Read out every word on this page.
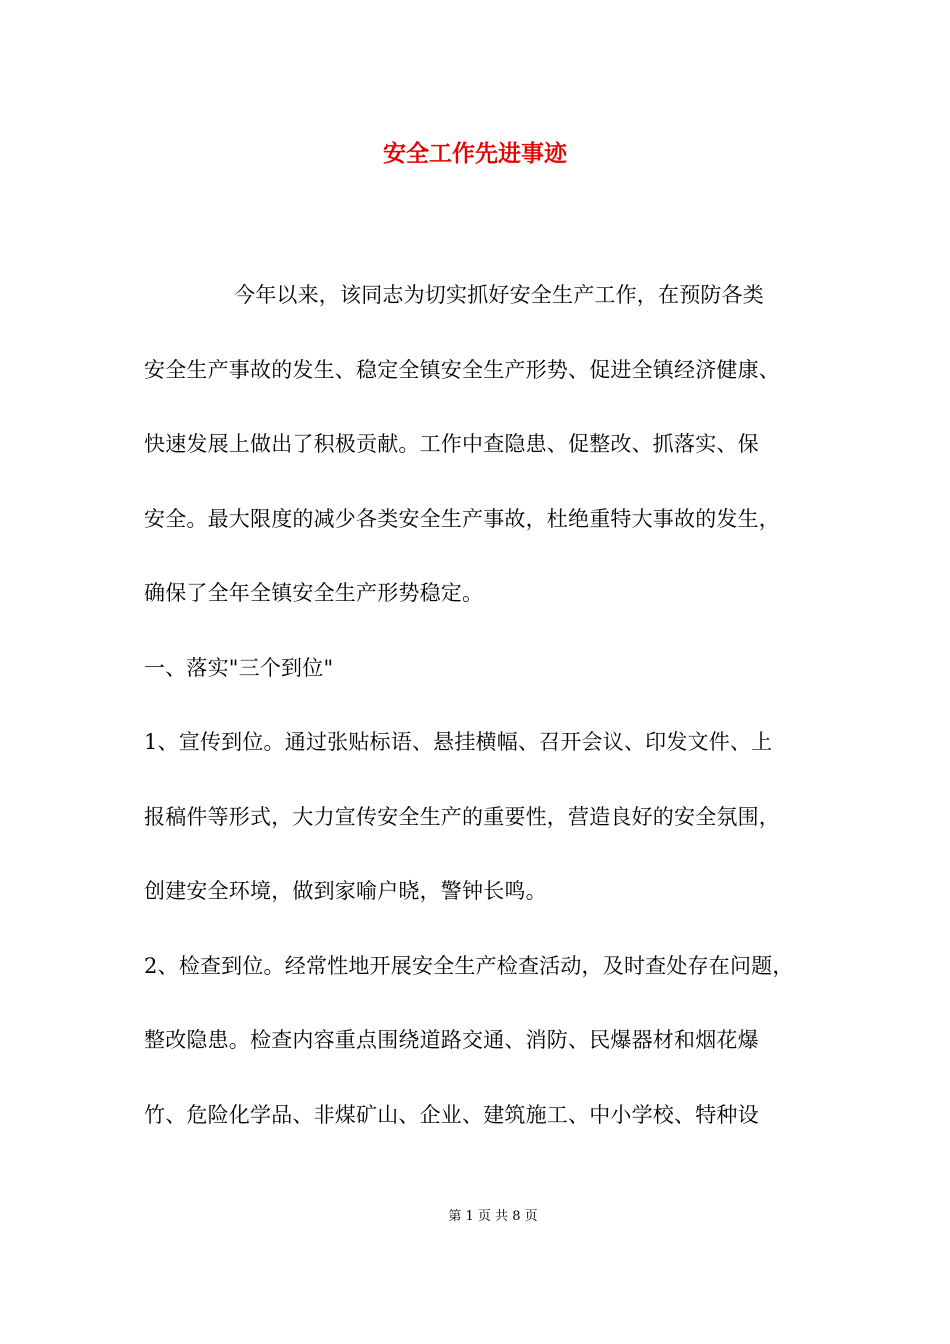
安全工作先进事迹
今年以来，该同志为切实抓好安全生产工作，在预防各类
安全生产事故的发生、稳定全镇安全生产形势、促进全镇经济健康、
快速发展上做出了积极贡献。工作中查隐患、促整改、抓落实、保
安全。最大限度的减少各类安全生产事故，杜绝重特大事故的发生，
确保了全年全镇安全生产形势稳定。
一、落实"三个到位"
1、宣传到位。通过张贴标语、悬挂横幅、召开会议、印发文件、上
报稿件等形式，大力宣传安全生产的重要性，营造良好的安全氛围，
创建安全环境，做到家喻户晓，警钟长鸣。
2、检查到位。经常性地开展安全生产检查活动，及时查处存在问题，
整改隐患。检查内容重点围绕道路交通、消防、民爆器材和烟花爆
竹、危险化学品、非煤矿山、企业、建筑施工、中小学校、特种设
第 1 页 共 8 页
